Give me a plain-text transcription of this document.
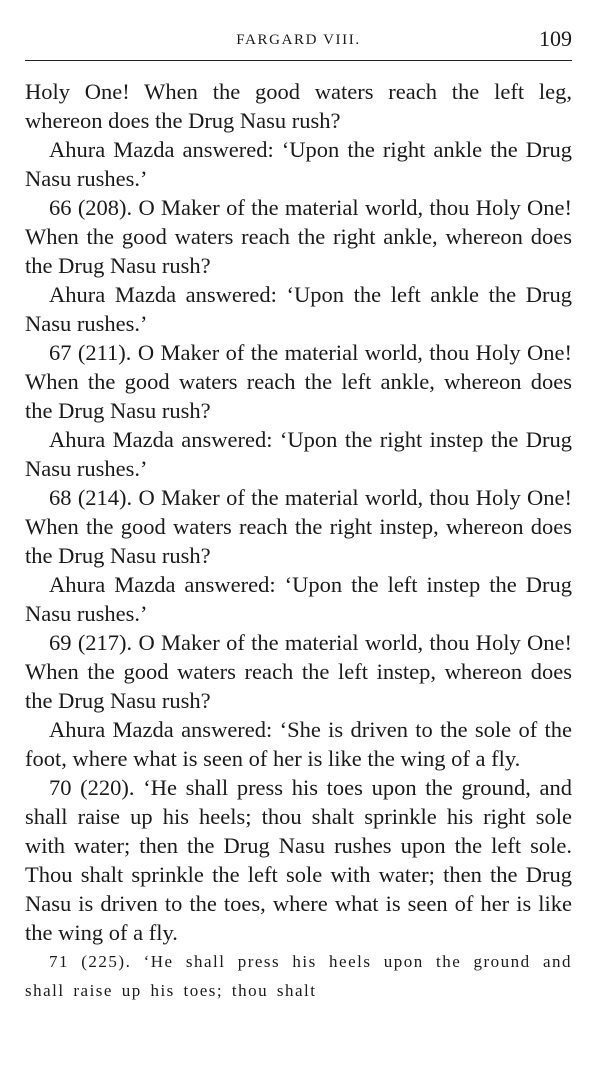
FARGARD VIII.	109

Holy One! When the good waters reach the left leg, whereon does the Drug Nasu rush?

Ahura Mazda answered: ‘Upon the right ankle the Drug Nasu rushes.’

66 (208). O Maker of the material world, thou Holy One! When the good waters reach the right ankle, whereon does the Drug Nasu rush?

Ahura Mazda answered: ‘Upon the left ankle the Drug Nasu rushes.’

67 (211). O Maker of the material world, thou Holy One! When the good waters reach the left ankle, whereon does the Drug Nasu rush?

Ahura Mazda answered: ‘Upon the right instep the Drug Nasu rushes.’

68 (214). O Maker of the material world, thou Holy One! When the good waters reach the right instep, whereon does the Drug Nasu rush?

Ahura Mazda answered: ‘Upon the left instep the Drug Nasu rushes.’

69 (217). O Maker of the material world, thou Holy One! When the good waters reach the left instep, whereon does the Drug Nasu rush?

Ahura Mazda answered: ‘She is driven to the sole of the foot, where what is seen of her is like the wing of a fly.

70 (220). ‘He shall press his toes upon the ground, and shall raise up his heels; thou shalt sprinkle his right sole with water; then the Drug Nasu rushes upon the left sole. Thou shalt sprinkle the left sole with water; then the Drug Nasu is driven to the toes, where what is seen of her is like the wing of a fly.

71 (225). ‘He shall press his heels upon the ground and shall raise up his toes; thou shalt
